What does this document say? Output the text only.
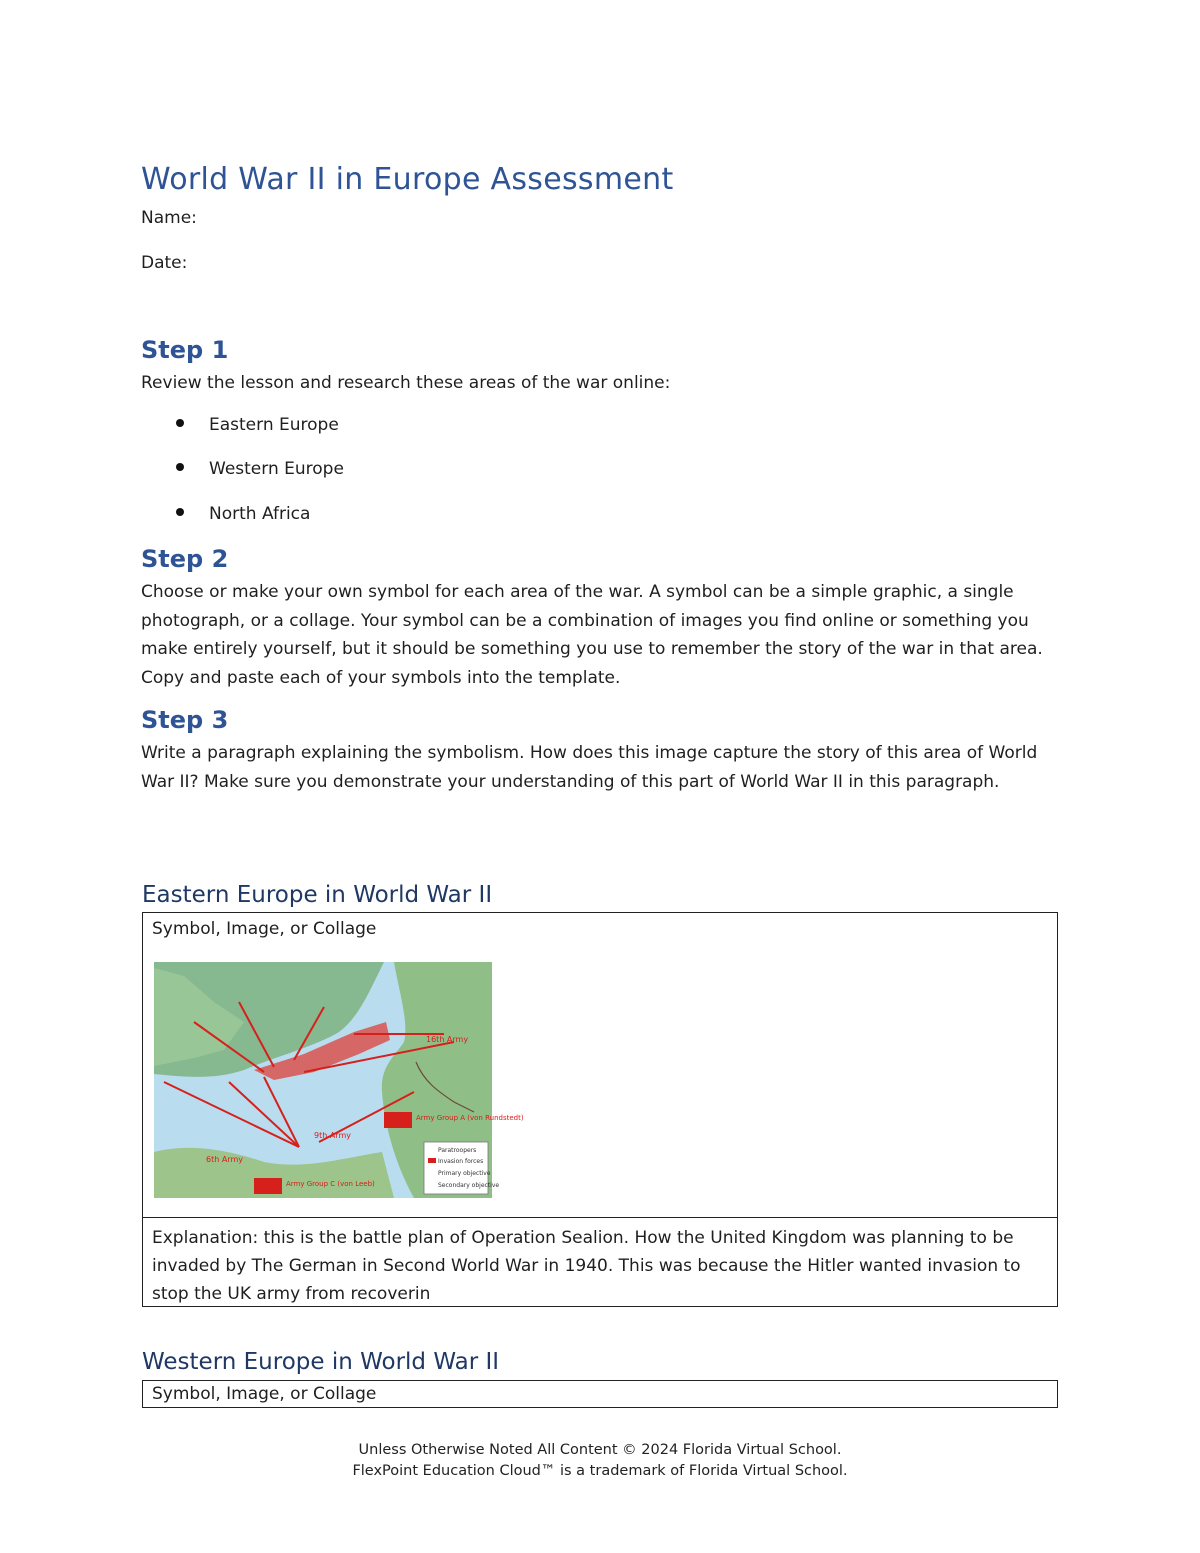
World War II in Europe Assessment
Name:
Date:
Step 1
Review the lesson and research these areas of the war online:
Eastern Europe
Western Europe
North Africa
Step 2
Choose or make your own symbol for each area of the war. A symbol can be a simple graphic, a single photograph, or a collage. Your symbol can be a combination of images you find online or something you make entirely yourself, but it should be something you use to remember the story of the war in that area. Copy and paste each of your symbols into the template.
Step 3
Write a paragraph explaining the symbolism. How does this image capture the story of this area of World War II? Make sure you demonstrate your understanding of this part of World War II in this paragraph.
Eastern Europe in World War II
Symbol, Image, or Collage
16th Army
9th Army
6th Army
Army Group A (von Rundstedt)
Army Group C (von Leeb)
Paratroopers
Invasion forces
Primary objective
Secondary objective
Explanation: this is the battle plan of Operation Sealion. How the United Kingdom was planning to be invaded by The German in Second World War in 1940. This was because the Hitler wanted invasion to stop the UK army from recoverin
Western Europe in World War II
Symbol, Image, or Collage
Unless Otherwise Noted All Content © 2024 Florida Virtual School.
FlexPoint Education Cloud™ is a trademark of Florida Virtual School.
